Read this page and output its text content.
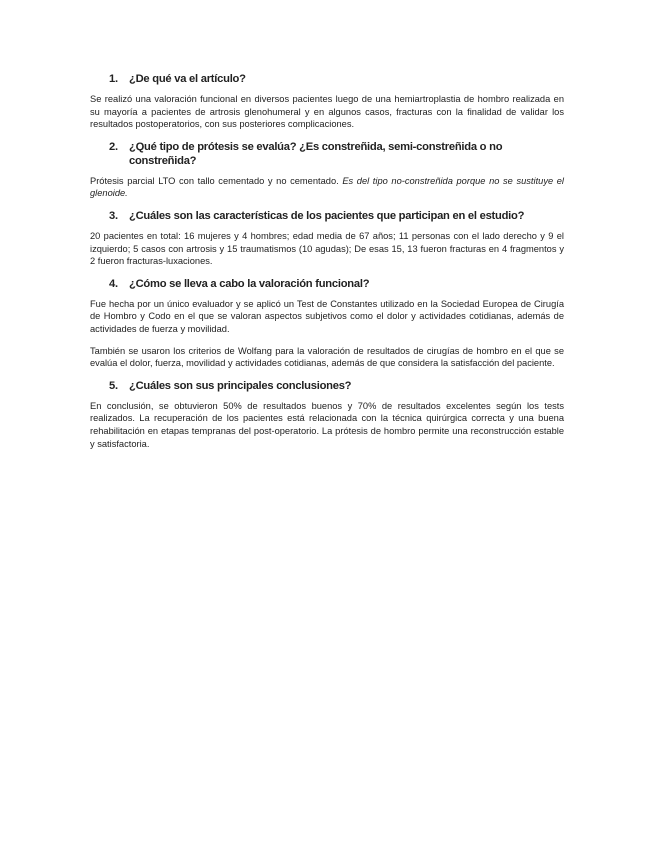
1. ¿De qué va el artículo?

Se realizó una valoración funcional en diversos pacientes luego de una hemiartroplastia de hombro realizada en su mayoría a pacientes de artrosis glenohumeral y en algunos casos, fracturas con la finalidad de validar los resultados postoperatorios, con sus posteriores complicaciones.

2. ¿Qué tipo de prótesis se evalúa? ¿Es constreñida, semi-constreñida o no constreñida?

Prótesis parcial LTO con tallo cementado y no cementado. Es del tipo no-constreñida porque no se sustituye el glenoide.

3. ¿Cuáles son las características de los pacientes que participan en el estudio?

20 pacientes en total: 16 mujeres y 4 hombres; edad media de 67 años; 11 personas con el lado derecho y 9 el izquierdo; 5 casos con artrosis y 15 traumatismos (10 agudas); De esas 15, 13 fueron fracturas en 4 fragmentos y 2 fueron fracturas-luxaciones.

4. ¿Cómo se lleva a cabo la valoración funcional?

Fue hecha por un único evaluador y se aplicó un Test de Constantes utilizado en la Sociedad Europea de Cirugía de Hombro y Codo en el que se valoran aspectos subjetivos como el dolor y actividades cotidianas, además de actividades de fuerza y movilidad.

También se usaron los criterios de Wolfang para la valoración de resultados de cirugías de hombro en el que se evalúa el dolor, fuerza, movilidad y actividades cotidianas, además de que considera la satisfacción del paciente.

5. ¿Cuáles son sus principales conclusiones?

En conclusión, se obtuvieron 50% de resultados buenos y 70% de resultados excelentes según los tests realizados. La recuperación de los pacientes está relacionada con la técnica quirúrgica correcta y una buena rehabilitación en etapas tempranas del post-operatorio. La prótesis de hombro permite una reconstrucción estable y satisfactoria.
